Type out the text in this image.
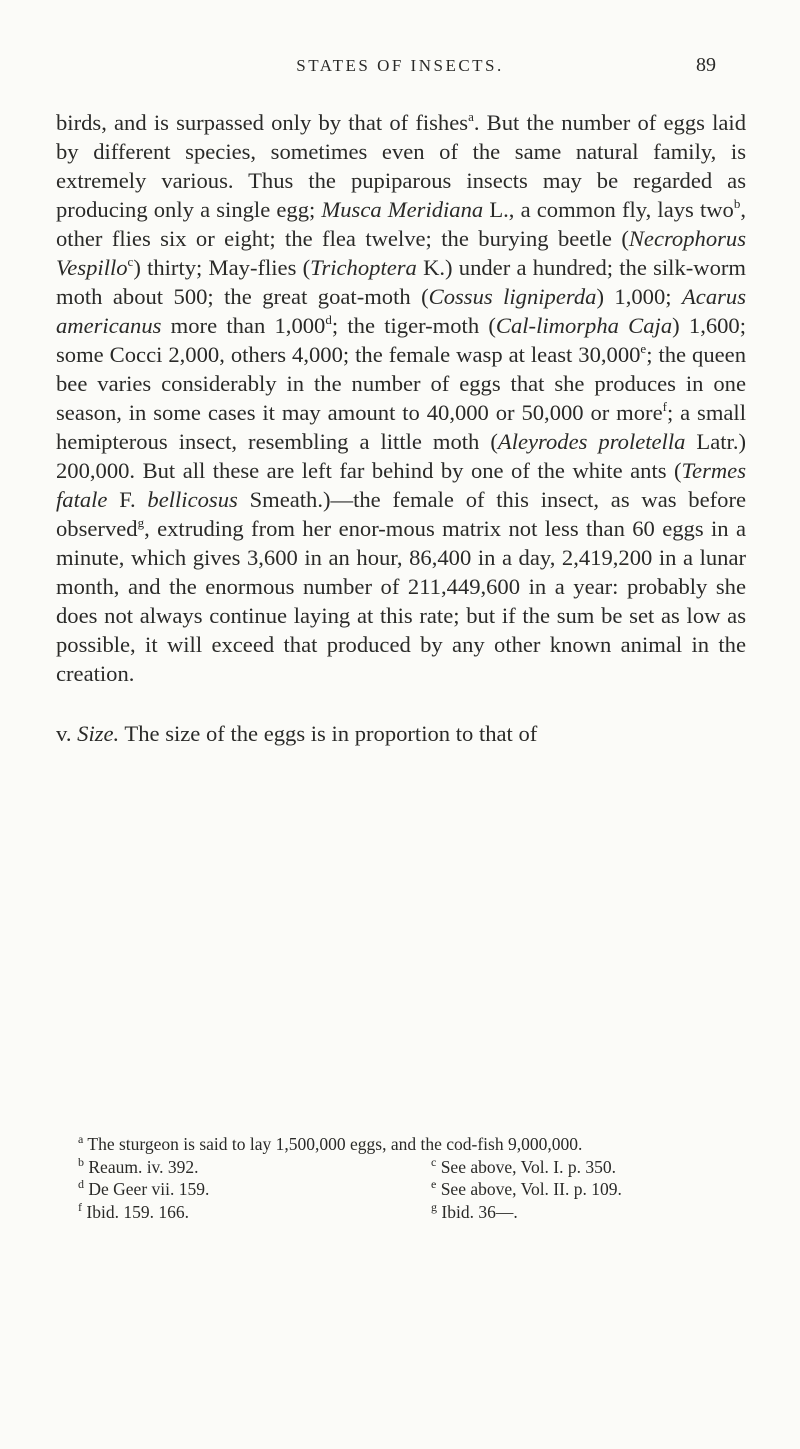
STATES OF INSECTS.	89

birds, and is surpassed only by that of fishes$^a$. But the number of eggs laid by different species, sometimes even of the same natural family, is extremely various. Thus the pupiparous insects may be regarded as producing only a single egg; Musca Meridiana L., a common fly, lays two$^b$, other flies six or eight; the flea twelve; the burying beetle (Necrophorus Vespillo$^c$) thirty; May-flies (Trichoptera K.) under a hundred; the silk-worm moth about 500; the great goat-moth (Cossus ligniperda) 1,000; Acarus americanus more than 1,000$^d$; the tiger-moth (Cal-limorpha Caja) 1,600; some Cocci 2,000, others 4,000; the female wasp at least 30,000e; the queen bee varies considerably in the number of eggs that she produces in one season, in some cases it may amount to 40,000 or 50,000 or more$^f$; a small hemipterous insect, resembling a little moth (Aleyrodes proletella Latr.) 200,000. But all these are left far behind by one of the white ants (Termes fatale F. bellicosus Smeath.)—the female of this insect, as was before observed$^g$, extruding from her enor-mous matrix not less than 60 eggs in a minute, which gives 3,600 in an hour, 86,400 in a day, 2,419,200 in a lunar month, and the enormous number of 211,449,600 in a year: probably she does not always continue laying at this rate; but if the sum be set as low as possible, it will exceed that produced by any other known animal in the creation.

v. Size. The size of the eggs is in proportion to that of

$^a$ The sturgeon is said to lay 1,500,000 eggs, and the cod-fish 9,000,000.
$^b$ Reaum. iv. 392.	$^c$ See above, Vol. I. p. 350.
$^d$ De Geer vii. 159.	$^e$ See above, Vol. II. p. 109.
$^f$ Ibid. 159. 166.	$^g$ Ibid. 36—.
